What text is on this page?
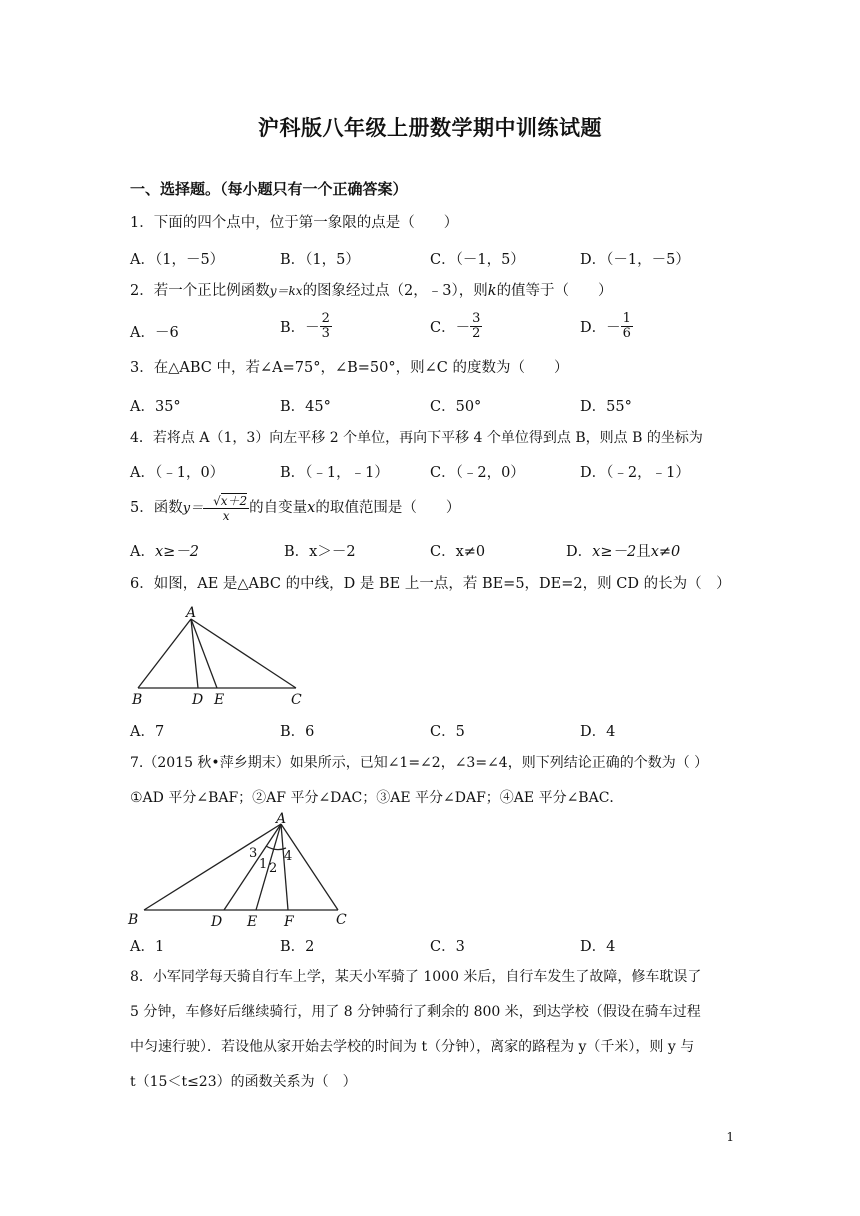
沪科版八年级上册数学期中训练试题
一、选择题。（每小题只有一个正确答案）
1．下面的四个点中，位于第一象限的点是（　　）
A．（1，－5）	B．（1，5）	C．（－1，5）	D．（－1，－5）
2．若一个正比例函数y＝kx的图象经过点（2，﹣3），则k的值等于（　　）
A．－6	B．－ $\frac{2}{3}$	C．－ $\frac{3}{2}$	D．－ $\frac{1}{6}$
3．在△ABC 中，若∠A=75°，∠B=50°，则∠C 的度数为（　　）
A．35°	B．45°	C．50°	D．55°
4．若将点 A（1，3）向左平移 2 个单位，再向下平移 4 个单位得到点 B，则点 B 的坐标为
A．（﹣1，0）	B．（﹣1，﹣1）	C．（﹣2，0）	D．（﹣2，﹣1）
5．函数$y= \frac{√x+2}{x}$ 的自变量x的取值范围是（　　）
A．x≥－2	B．x＞－2	C．x≠0	D．x≥－2且x≠0
6．如图，AE 是△ABC 的中线，D 是 BE 上一点，若 BE=5，DE=2，则 CD 的长为（　）
A
B	D E	C
A．7	B．6	C．5	D．4
7.（2015 秋•萍乡期末）如果所示，已知∠1=∠2，∠3=∠4，则下列结论正确的个数为（ ）
①AD 平分∠BAF；②AF 平分∠DAC；③AE 平分∠DAF；④AE 平分∠BAC．
A
B	D E F	C
3
1 2
4
A．1	B．2	C．3	D．4
8．小军同学每天骑自行车上学，某天小军骑了 1000 米后，自行车发生了故障，修车耽误了
5 分钟，车修好后继续骑行，用了 8 分钟骑行了剩余的 800 米，到达学校（假设在骑车过程
中匀速行驶）．若设他从家开始去学校的时间为 t（分钟），离家的路程为 y（千米），则 y 与
t（15＜t≤23）的函数关系为（　）
1
